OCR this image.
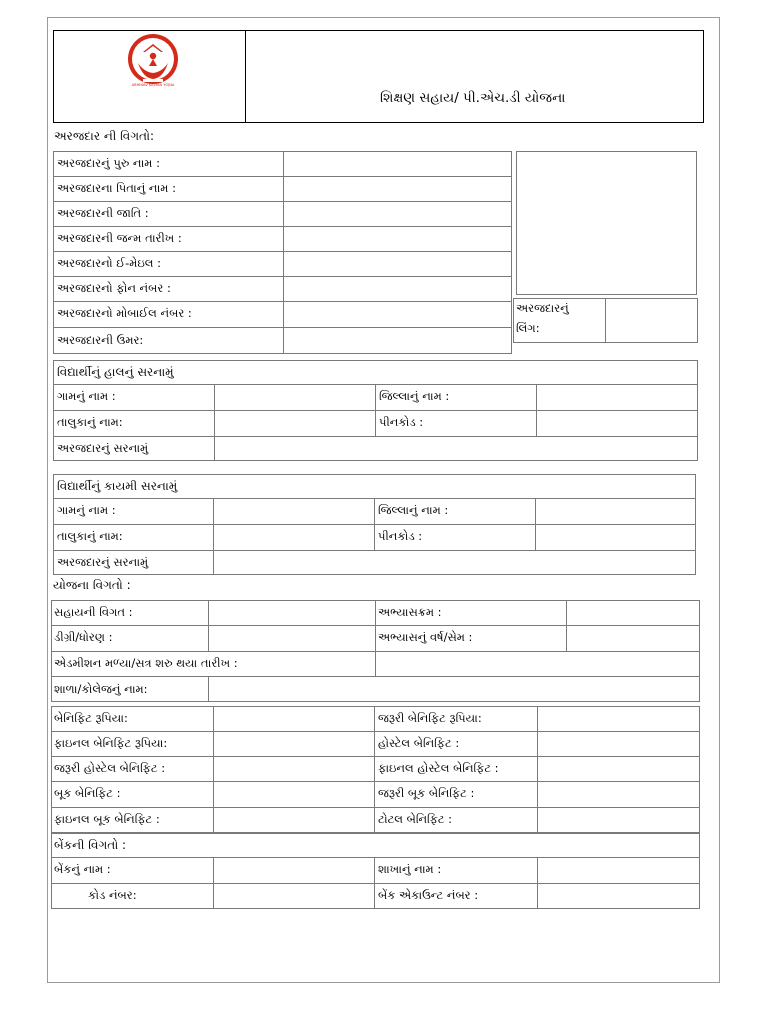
ABHINAV KALYAN YOJNA
શિક્ષણ સહાય/ પી.એચ.ડી યોજના
અરજદાર ની વિગતો:
અરજદારનું પુરુ નામ :
અરજદારના પિતાનું નામ :
અરજદારની જાતિ :
અરજદારની જન્મ તારીખ :
અરજદારનો ઈ-મેઇલ :
અરજદારનો ફોન નંબર :
અરજદારનો મોબાઈલ નંબર :
અરજદારની ઉમર:
અરજદારનું
લિંગ:
વિદ્યાર્થીનું હાલનું સરનામું
ગામનું નામ :	જિલ્લાનું નામ :
તાલુકાનું નામ:	પીનકોડ :
અરજદારનું સરનામું
વિદ્યાર્થીનું કાયમી સરનામું
ગામનું નામ :	જિલ્લાનું નામ :
તાલુકાનું નામ:	પીનકોડ :
અરજદારનું સરનામું
યોજના વિગતો :
સહાયની વિગત :	અભ્યાસક્રમ :
ડીગ્રી/ધોરણ :	અભ્યાસનું વર્ષ/સેમ :
એડમીશન મળ્યા/સત્ર શરુ થયા તારીખ :
શાળા/કોલેજનું નામ:
બેનિફિટ રૂપિયા:	જરૂરી બેનિફિટ રૂપિયા:
ફાઇનલ બેનિફિટ રૂપિયા:	હોસ્ટેલ બેનિફિટ :
જરૂરી હોસ્ટેલ બેનિફિટ :	ફાઇનલ હોસ્ટેલ બેનિફિટ :
બૂક બેનિફિટ :	જરૂરી બૂક બેનિફિટ :
ફાઇનલ બૂક બેનિફિટ :	ટોટલ બેનિફિટ :
બેંકની વિગતો :
બેંકનું નામ :	શાખાનું નામ :
કોડ નંબર:	બેંક એકાઉન્ટ નંબર :
